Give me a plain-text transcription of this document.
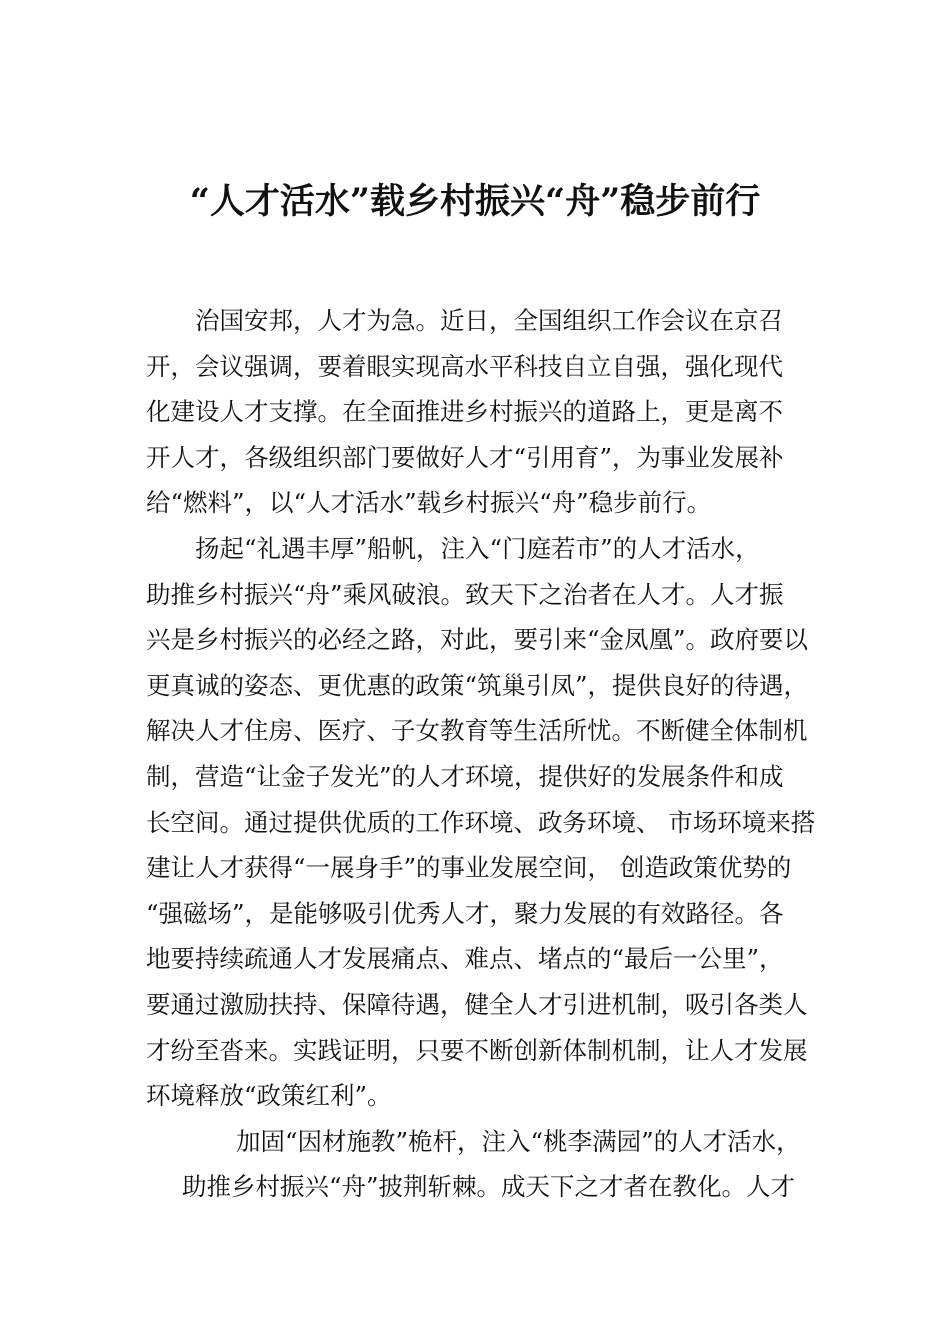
“人才活水”载乡村振兴“舟”稳步前行
治国安邦，人才为急。近日，全国组织工作会议在京召
开，会议强调，要着眼实现高水平科技自立自强，强化现代
化建设人才支撑。在全面推进乡村振兴的道路上，更是离不
开人才，各级组织部门要做好人才“引用育”，为事业发展补
给“燃料”，以“人才活水”载乡村振兴“舟”稳步前行。
扬起“礼遇丰厚”船帆，注入“门庭若市”的人才活水，
助推乡村振兴“舟”乘风破浪。致天下之治者在人才。人才振
兴是乡村振兴的必经之路，对此，要引来“金凤凰”。政府要以
更真诚的姿态、更优惠的政策“筑巢引凤”，提供良好的待遇，
解决人才住房、医疗、子女教育等生活所忧。不断健全体制机
制，营造“让金子发光”的人才环境，提供好的发展条件和成
长空间。通过提供优质的工作环境、政务环境、 市场环境来搭
建让人才获得“一展身手”的事业发展空间， 创造政策优势的
“强磁场”，是能够吸引优秀人才，聚力发展的有效路径。各
地要持续疏通人才发展痛点、难点、堵点的“最后一公里”，
要通过激励扶持、保障待遇，健全人才引进机制，吸引各类人
才纷至沓来。实践证明，只要不断创新体制机制，让人才发展
环境释放“政策红利”。
加固“因材施教”桅杆，注入“桃李满园”的人才活水，
助推乡村振兴“舟”披荆斩棘。成天下之才者在教化。人才
